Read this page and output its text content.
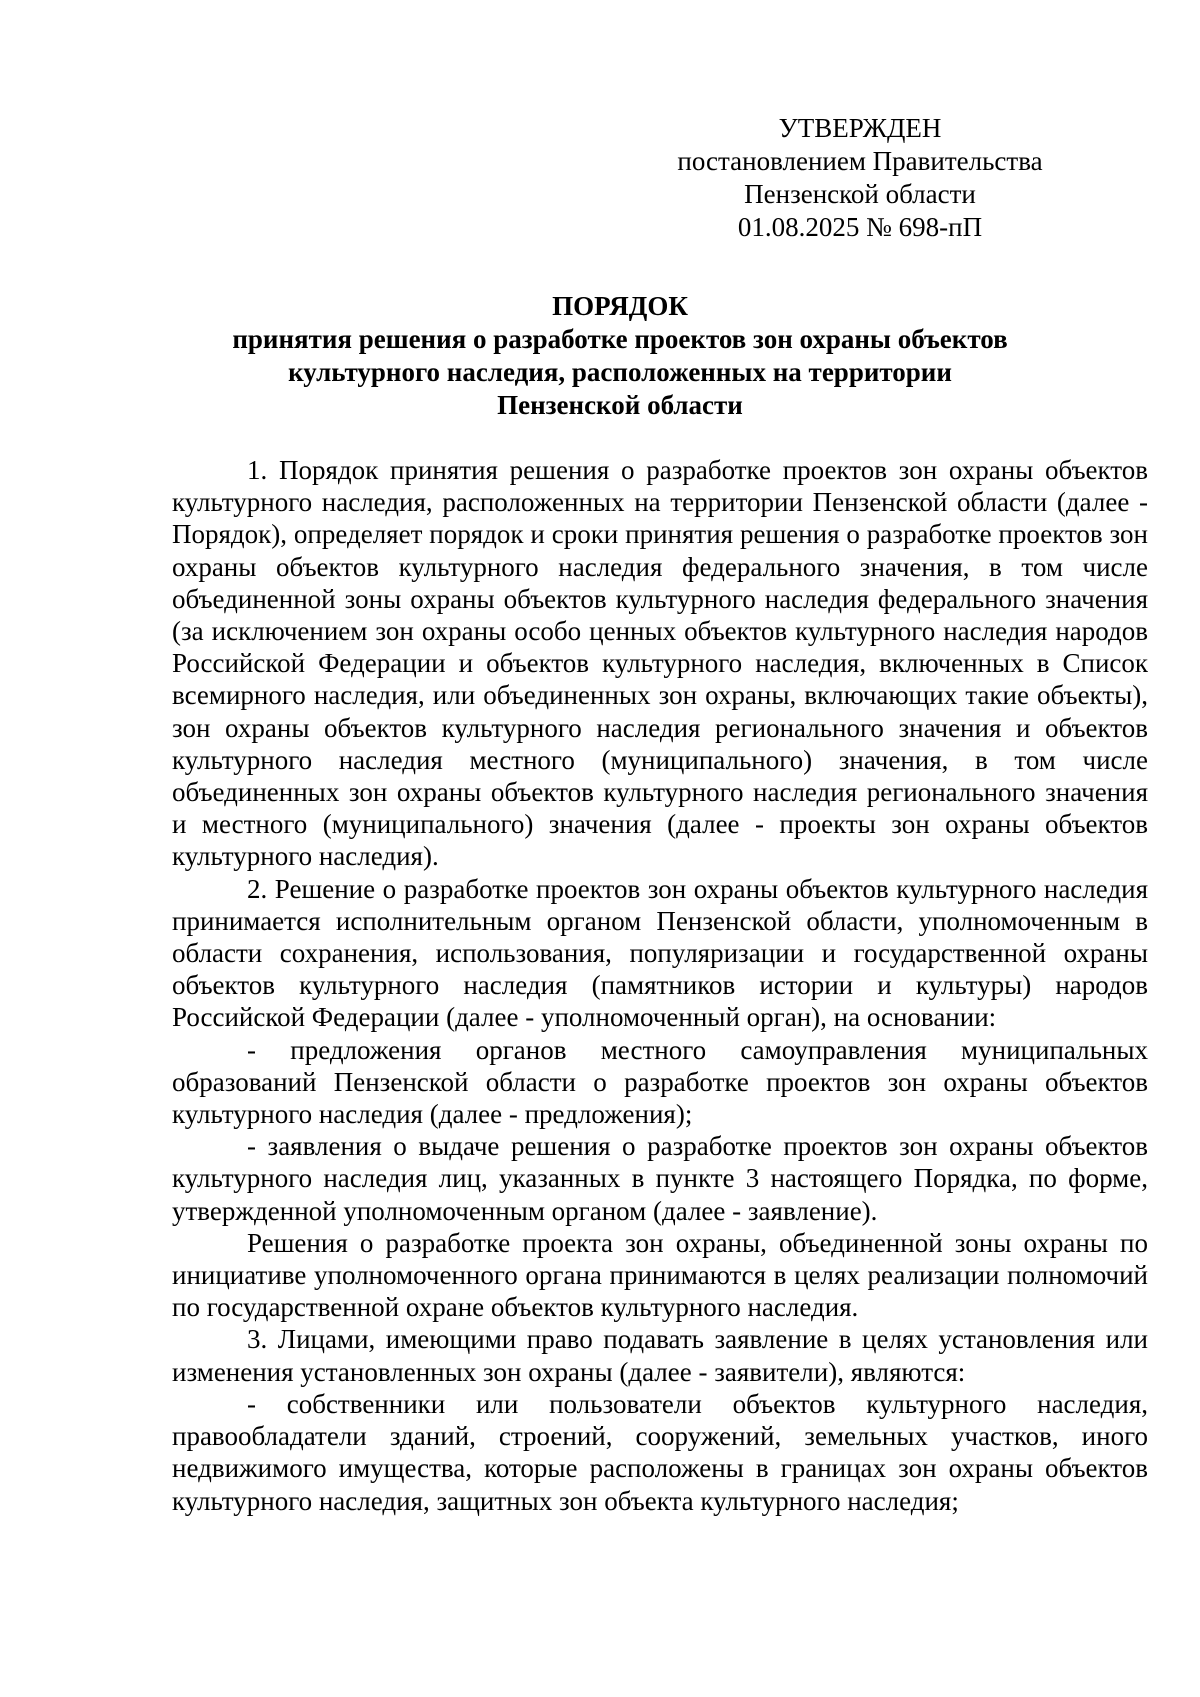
УТВЕРЖДЕН
постановлением Правительства
Пензенской области
01.08.2025 № 698-пП
ПОРЯДОК
принятия решения о разработке проектов зон охраны объектов
культурного наследия, расположенных на территории
Пензенской области

1. Порядок принятия решения о разработке проектов зон охраны объектов культурного наследия, расположенных на территории Пензенской области (далее - Порядок), определяет порядок и сроки принятия решения о разработке проектов зон охраны объектов культурного наследия федерального значения, в том числе объединенной зоны охраны объектов культурного наследия федерального значения (за исключением зон охраны особо ценных объектов культурного наследия народов Российской Федерации и объектов культурного наследия, включенных в Список всемирного наследия, или объединенных зон охраны, включающих такие объекты), зон охраны объектов культурного наследия регионального значения и объектов культурного наследия местного (муниципального) значения, в том числе объединенных зон охраны объектов культурного наследия регионального значения и местного (муниципального) значения (далее - проекты зон охраны объектов культурного наследия).

2. Решение о разработке проектов зон охраны объектов культурного наследия принимается исполнительным органом Пензенской области, уполномоченным в области сохранения, использования, популяризации и государственной охраны объектов культурного наследия (памятников истории и культуры) народов Российской Федерации (далее - уполномоченный орган), на основании:

- предложения органов местного самоуправления муниципальных образований Пензенской области о разработке проектов зон охраны объектов культурного наследия (далее - предложения);

- заявления о выдаче решения о разработке проектов зон охраны объектов культурного наследия лиц, указанных в пункте 3 настоящего Порядка, по форме, утвержденной уполномоченным органом (далее - заявление).

Решения о разработке проекта зон охраны, объединенной зоны охраны по инициативе уполномоченного органа принимаются в целях реализации полномочий по государственной охране объектов культурного наследия.

3. Лицами, имеющими право подавать заявление в целях установления или изменения установленных зон охраны (далее - заявители), являются:

- собственники или пользователи объектов культурного наследия, правообладатели зданий, строений, сооружений, земельных участков, иного недвижимого имущества, которые расположены в границах зон охраны объектов культурного наследия, защитных зон объекта культурного наследия;
